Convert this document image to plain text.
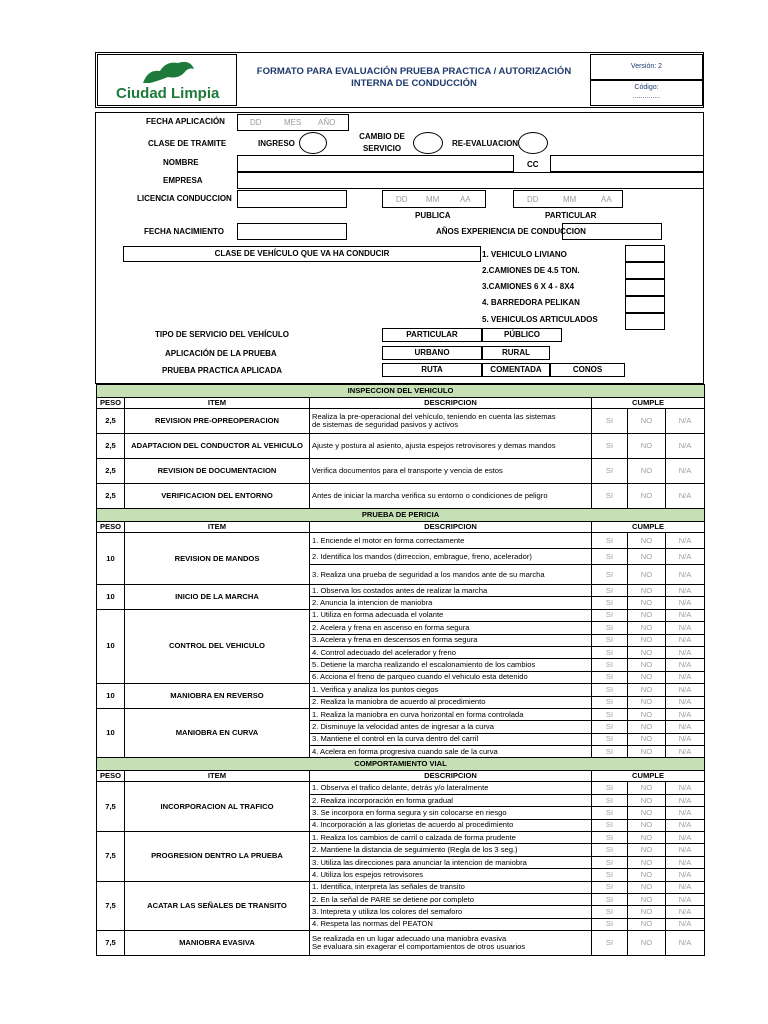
Ciudad Limpia
FORMATO PARA EVALUACIÓN PRUEBA PRACTICA / AUTORIZACIÓN INTERNA DE CONDUCCIÓN
Versión: 2
Código:
..............
FECHA APLICACIÓN	DD	MES AÑO
CLASE DE TRAMITE	INGRESO
CAMBIO DE SERVICIO
RE-EVALUACION
NOMBRE	CC
EMPRESA
LICENCIA CONDUCCION	DD MM	AA	DD	MM	AA
PUBLICA	PARTICULAR
FECHA NACIMIENTO	AÑOS EXPERIENCIA DE CONDUCCION
CLASE DE VEHÍCULO QUE VA HA CONDUCIR	1. VEHICULO LIVIANO
2.CAMIONES DE 4.5 TON.
3.CAMIONES 6 X 4 - 8X4
4. BARREDORA PELIKAN
5. VEHICULOS ARTICULADOS
TIPO DE SERVICIO DEL VEHÍCULO	PARTICULAR	PÚBLICO
APLICACIÓN DE LA PRUEBA	URBANO	RURAL
PRUEBA PRACTICA APLICADA	RUTA	COMENTADA	CONOS
INSPECCION DEL VEHICULO					
PESO	ITEM	DESCRIPCION	CUMPLE		
2,5	REVISION PRE-OPREOPERACION	Realiza la pre-operacional del vehículo, teniendo en cuenta las sistemas
de sistemas de seguridad pasivos y activos	SI	NO	N/A
2,5	ADAPTACION DEL CONDUCTOR AL VEHICULO	Ajuste y postura al asiento, ajusta espejos retrovisores y demas mandos	SI	NO	N/A
2,5	REVISION DE DOCUMENTACION	Verifica documentos para el transporte y vencia de estos	SI	NO	N/A
2,5	VERIFICACION DEL ENTORNO	Antes de iniciar la marcha verifica su entorno o condiciones de peligro	SI	NO	N/A
PRUEBA DE PERICIA					
PESO	ITEM	DESCRIPCION	CUMPLE		
10	REVISION DE MANDOS	1. Enciende el motor en forma correctamente	SI	NO	N/A
		2. Identifica los mandos (dirreccion, embrague, freno, acelerador)	SI	NO	N/A
		3. Realiza una prueba de seguridad a los mandos ante de su marcha	SI	NO	N/A
10	INICIO DE LA MARCHA	1. Observa los costados antes de realizar la marcha	SI	NO	N/A
		2. Anuncia la intencion de maniobra	SI	NO	N/A
10	CONTROL DEL VEHICULO	1. Utiliza en forma adecuada el volante	SI	NO	N/A
		2. Acelera y frena en ascenso en forma segura	SI	NO	N/A
		3. Acelera y frena en descensos en forma segura	SI	NO	N/A
		4. Control adecuado del acelerador y freno	SI	NO	N/A
		5. Detiene la marcha realizando el escalonamiento de los cambios	SI	NO	N/A
		6. Acciona el freno de parqueo cuando el vehiculo esta detenido	SI	NO	N/A
10	MANIOBRA EN REVERSO	1. Verifica y analiza los puntos ciegos	SI	NO	N/A
		2. Realiza la maniobra de acuerdo al procedimiento	SI	NO	N/A
10	MANIOBRA EN CURVA	1. Realiza la maniobra en curva horizontal en forma controlada	SI	NO	N/A
		2. Disminuye la velocidad antes de ingresar a la curva	SI	NO	N/A
		3. Mantiene el control en la curva dentro del carril	SI	NO	N/A
		4. Acelera en forma progresiva cuando sale de la curva	SI	NO	N/A
COMPORTAMIENTO VIAL					
PESO	ITEM	DESCRIPCION	CUMPLE		
7,5	INCORPORACION AL TRAFICO	1. Observa el trafico delante, detrás y/o lateralmente	SI	NO	N/A
		2. Realiza incorporación en forma gradual	SI	NO	N/A
		3. Se incorpora en forma segura y sin colocarse en riesgo	SI	NO	N/A
		4. Incorporación a las glorietas de acuerdo al procedimiento	SI	NO	N/A
7,5	PROGRESION DENTRO LA PRUEBA	1. Realiza los cambios de carril o calzada de forma prudente	SI	NO	N/A
		2. Mantiene la distancia de seguimiento (Regla de los 3 seg.)	SI	NO	N/A
		3. Utiliza las direcciones para anunciar la intencion de maniobra	SI	NO	N/A
		4. Utiliza los espejos retrovisores	SI	NO	N/A
7,5	ACATAR LAS SEÑALES DE TRANSITO	1. Identifica, interpreta las señales de transito	SI	NO	N/A
		2. En la señal de PARE se detiene por completo	SI	NO	N/A
		3. Intepreta y utiliza los colores del semaforo	SI	NO	N/A
		4. Respeta las normas del PEATON	SI	NO	N/A
7,5	MANIOBRA EVASIVA	Se realizada en un lugar adecuado una maniobra evasiva
Se evaluara sin exagerar el comportamientos de otros usuarios	SI	NO	N/A
